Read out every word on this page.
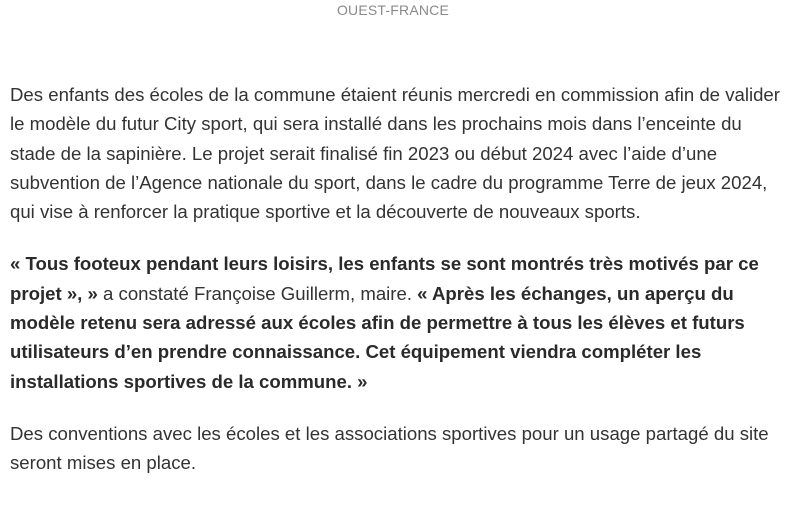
OUEST-FRANCE

Des enfants des écoles de la commune étaient réunis mercredi en commission afin de valider le modèle du futur City sport, qui sera installé dans les prochains mois dans l’enceinte du stade de la sapinière. Le projet serait finalisé fin 2023 ou début 2024 avec l’aide d’une subvention de l’Agence nationale du sport, dans le cadre du programme Terre de jeux 2024, qui vise à renforcer la pratique sportive et la découverte de nouveaux sports.

« Tous footeux pendant leurs loisirs, les enfants se sont montrés très motivés par ce projet », » a constaté Françoise Guillerm, maire. « Après les échanges, un aperçu du modèle retenu sera adressé aux écoles afin de permettre à tous les élèves et futurs utilisateurs d’en prendre connaissance. Cet équipement viendra compléter les installations sportives de la commune. »

Des conventions avec les écoles et les associations sportives pour un usage partagé du site seront mises en place.
